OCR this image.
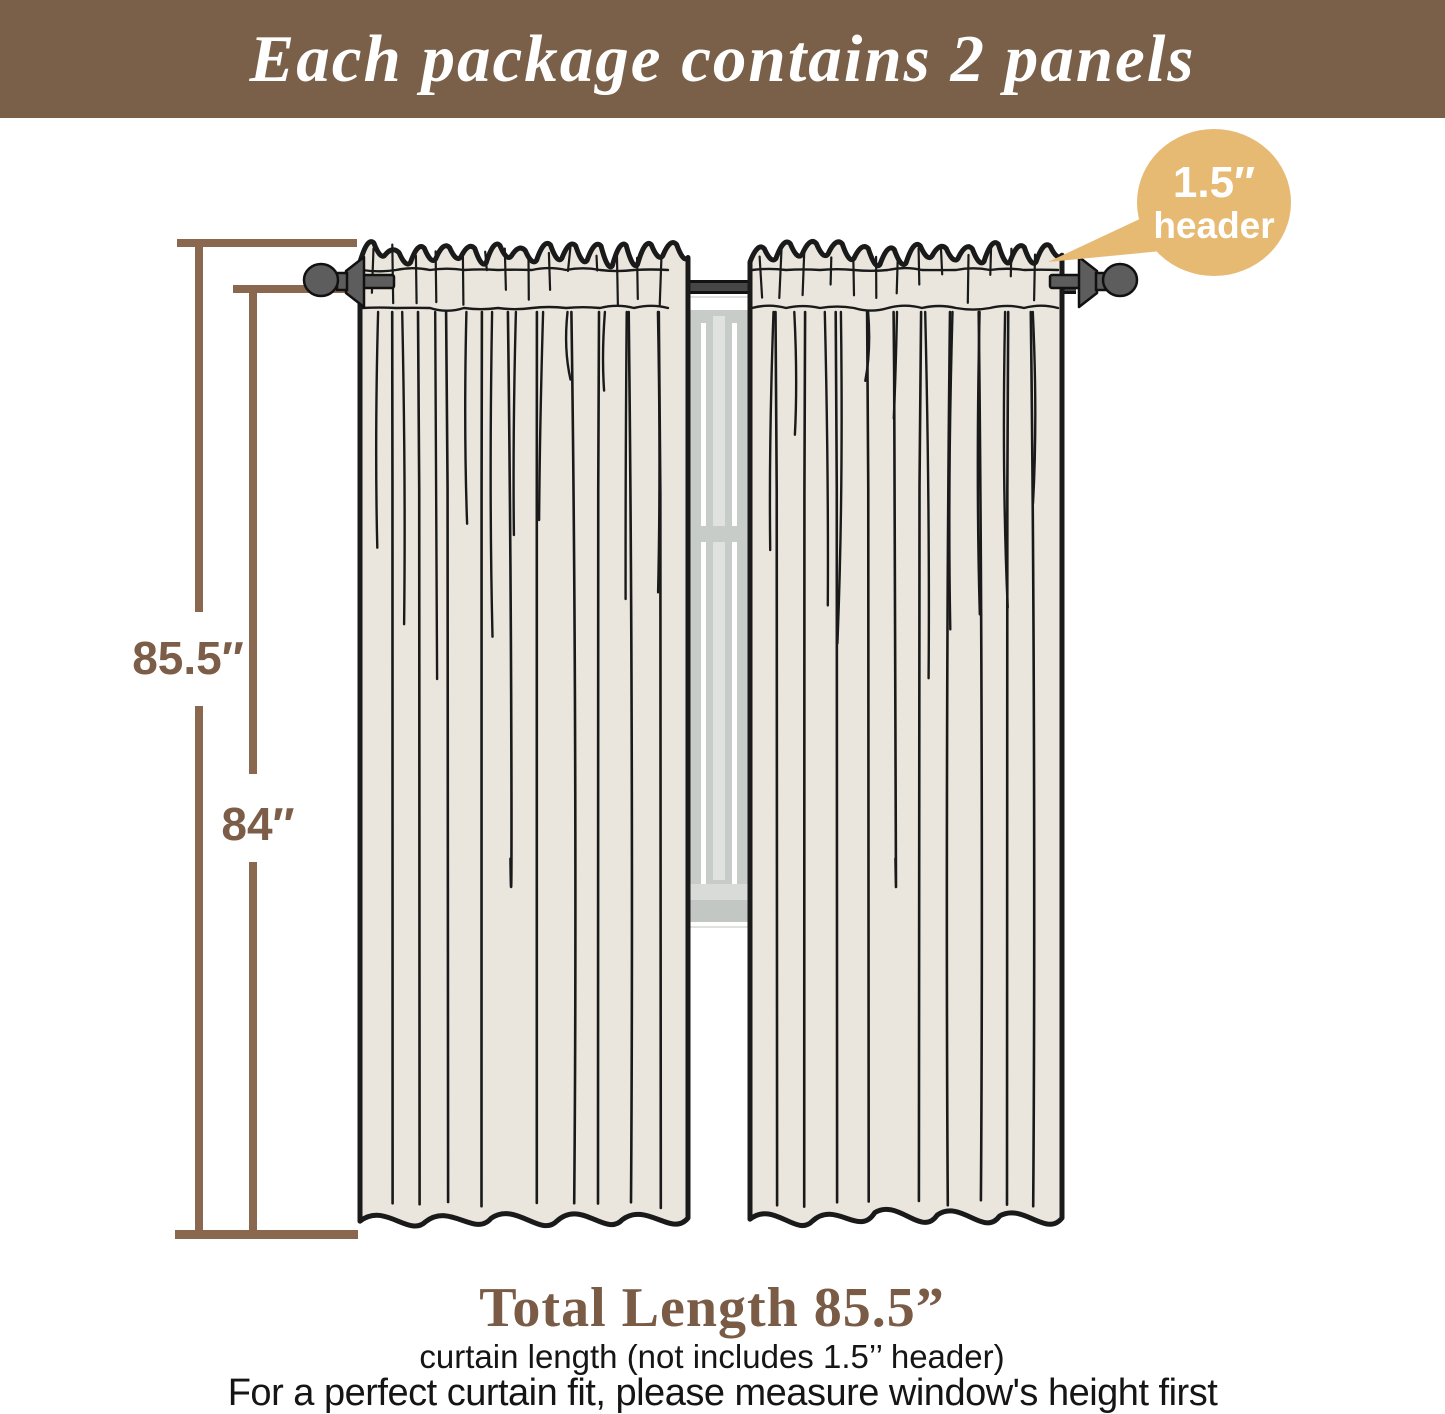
Each package contains 2 panels
85.5″
84″
1.5″
header
Total Length 85.5”
curtain length (not includes 1.5’’ header)
For a perfect curtain fit, please measure window's height first
